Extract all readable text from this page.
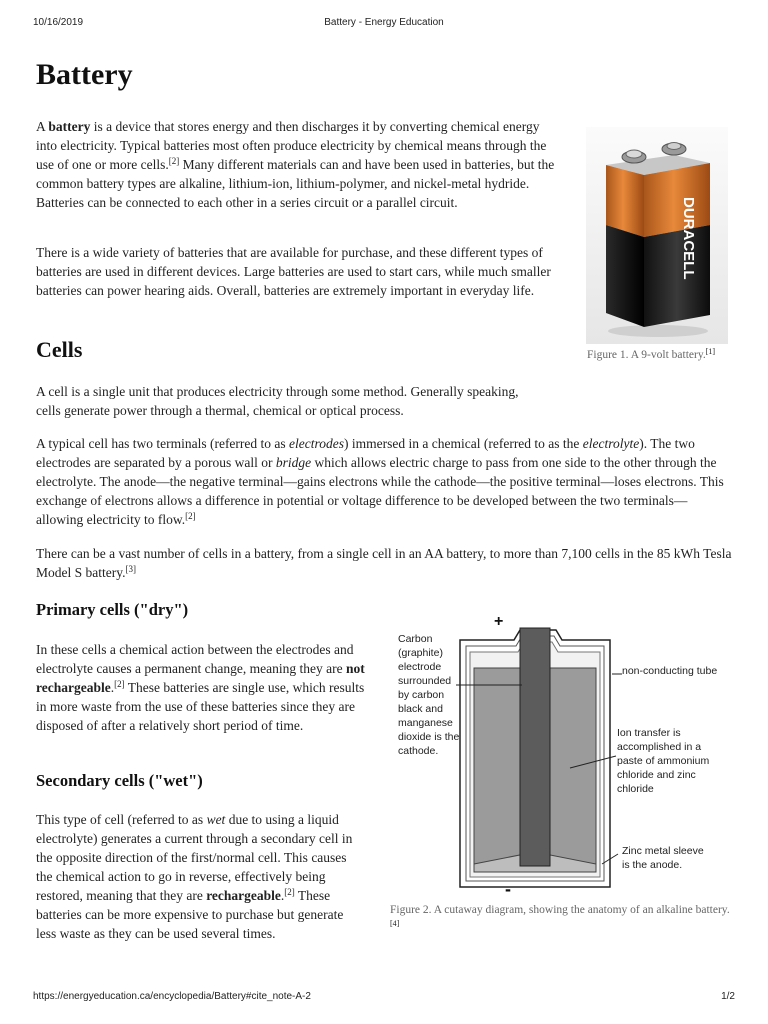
10/16/2019	Battery - Energy Education
Battery

A battery is a device that stores energy and then discharges it by converting chemical energy into electricity. Typical batteries most often produce electricity by chemical means through the use of one or more cells.[2] Many different materials can and have been used in batteries, but the common battery types are alkaline, lithium-ion, lithium-polymer, and nickel-metal hydride. Batteries can be connected to each other in a series circuit or a parallel circuit.

There is a wide variety of batteries that are available for purchase, and these different types of batteries are used in different devices. Large batteries are used to start cars, while much smaller batteries can power hearing aids. Overall, batteries are extremely important in everyday life.

DURACELL

Figure 1. A 9-volt battery.[1]

Cells

A cell is a single unit that produces electricity through some method. Generally speaking, cells generate power through a thermal, chemical or optical process.

A typical cell has two terminals (referred to as electrodes) immersed in a chemical (referred to as the electrolyte). The two electrodes are separated by a porous wall or bridge which allows electric charge to pass from one side to the other through the electrolyte. The anode—the negative terminal—gains electrons while the cathode—the positive terminal—loses electrons. This exchange of electrons allows a difference in potential or voltage difference to be developed between the two terminals—allowing electricity to flow.[2]

There can be a vast number of cells in a battery, from a single cell in an AA battery, to more than 7,100 cells in the 85 kWh Tesla Model S battery.[3]

Primary cells ("dry")

In these cells a chemical action between the electrodes and electrolyte causes a permanent change, meaning they are not rechargeable.[2] These batteries are single use, which results in more waste from the use of these batteries since they are disposed of after a relatively short period of time.

Secondary cells ("wet")

This type of cell (referred to as wet due to using a liquid electrolyte) generates a current through a secondary cell in the opposite direction of the first/normal cell. This causes the chemical action to go in reverse, effectively being restored, meaning that they are rechargeable.[2] These batteries can be more expensive to purchase but generate less waste as they can be used several times.

+
-
Carbon (graphite) electrode surrounded by carbon black and manganese dioxide is the cathode.
non-conducting tube
Ion transfer is accomplished in a paste of ammonium chloride and zinc chloride
Zinc metal sleeve is the anode.

Figure 2. A cutaway diagram, showing the anatomy of an alkaline battery.[4]

https://energyeducation.ca/encyclopedia/Battery#cite_note-A-2	1/2
